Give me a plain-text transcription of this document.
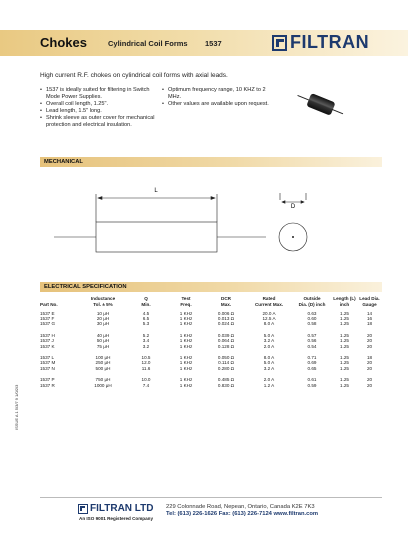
Chokes	Cylindrical Coil Forms 1537	FILTRAN
High current R.F. chokes on cylindrical coil forms with axial leads.
• 1537 is ideally suited for filtering in Switch Mode Power Supplies.
• Overall coil length, 1.25".
• Lead length, 1.5" long.
• Shrink sleeve as outer cover for mechanical protection and electrical insulation.
• Optimum frequency range, 10 KHZ to 2 MHz.
• Other values are available upon request.
MECHANICAL
L
D
ELECTRICAL SPECIFICATION
	Inductance	Q	Test	DCR	Rated	Outside	Length (L)	Lead Dia.
Part No.	Tol. ± 5%	Min.	Freq.	Max.	Current Max.	Dia. (D) inch	inch	Gauge
1537 E	10 μH	4.5	1 KHz	0.006 Ω	20.0 A	0.63	1.25	14
1537 F	20 μH	6.5	1 KHz	0.013 Ω	12.5 A	0.60	1.25	16
1537 G	30 μH	5.3	1 KHz	0.024 Ω	8.0 A	0.58	1.25	18

1537 H	40 μH	5.2	1 KHz	0.039 Ω	5.0 A	0.57	1.25	20
1537 J	50 μH	3.4	1 KHz	0.064 Ω	3.2 A	0.56	1.25	20
1537 K	75 μH	3.2	1 KHz	0.128 Ω	2.0 A	0.54	1.25	20

1537 L	100 μH	10.5	1 KHz	0.050 Ω	8.0 A	0.71	1.25	18
1537 M	250 μH	12.0	1 KHz	0.114 Ω	5.0 A	0.69	1.25	20
1537 N	500 μH	11.6	1 KHz	0.280 Ω	3.2 A	0.65	1.25	20

1537 P	750 μH	10.0	1 KHz	0.485 Ω	2.0 A	0.61	1.25	20
1537 R	1000 μH	7.4	1 KHz	0.830 Ω	1.2 A	0.59	1.25	20
ISSUE A 1 5/3/7 9 1/0/2/3
FILTRAN LTD
An ISO 9001 Registered Company
229 Colonnade Road, Nepean, Ontario, Canada K2E 7K3
Tel: (613) 226-1626 Fax: (613) 226-7124 www.filtran.com
